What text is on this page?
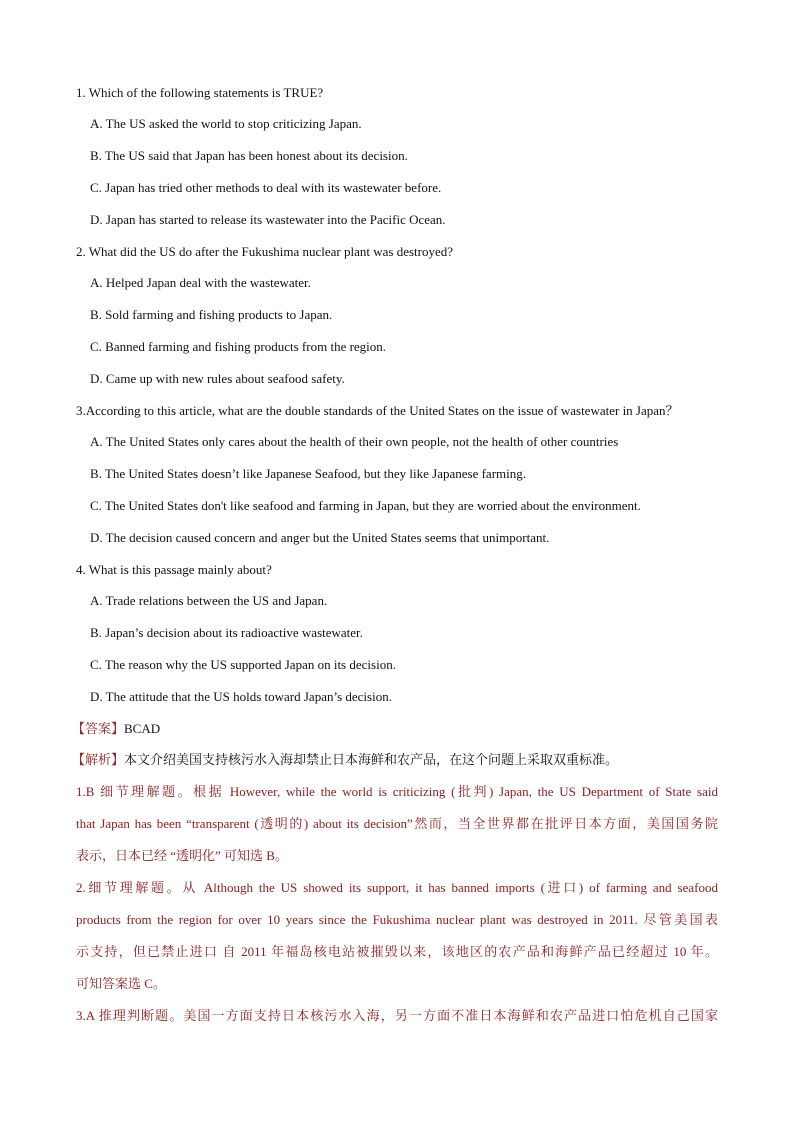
1. Which of the following statements is TRUE?
A. The US asked the world to stop criticizing Japan.
B. The US said that Japan has been honest about its decision.
C. Japan has tried other methods to deal with its wastewater before.
D. Japan has started to release its wastewater into the Pacific Ocean.
2. What did the US do after the Fukushima nuclear plant was destroyed?
A. Helped Japan deal with the wastewater.
B. Sold farming and fishing products to Japan.
C. Banned farming and fishing products from the region.
D. Came up with new rules about seafood safety.
3.According to this article, what are the double standards of the United States on the issue of wastewater in Japan？
A. The United States only cares about the health of their own people, not the health of other countries
B. The United States doesn’t like Japanese Seafood, but they like Japanese farming.
C. The United States don't like seafood and farming in Japan, but they are worried about the environment.
D. The decision caused concern and anger but the United States seems that unimportant.
4. What is this passage mainly about?
A. Trade relations between the US and Japan.
B. Japan’s decision about its radioactive wastewater.
C. The reason why the US supported Japan on its decision.
D. The attitude that the US holds toward Japan’s decision.
【答案】BCAD
【解析】本文介绍美国支持核污水入海却禁止日本海鲜和农产品，在这个问题上采取双重标准。
1.B 细节理解题。根据 However, while the world is criticizing (批判) Japan, the US Department of State said
that Japan has been “transparent (透明的) about its decision”然而，当全世界都在批评日本方面，美国国务院
表示，日本已经 “透明化” 可知选 B。
2.细节理解题。从 Although the US showed its support, it has banned imports (进口) of farming and seafood
products from the region for over 10 years since the Fukushima nuclear plant was destroyed in 2011. 尽管美国表
示支持，但已禁止进口 自 2011 年福岛核电站被摧毁以来，该地区的农产品和海鲜产品已经超过 10 年。
可知答案选 C。
3.A 推理判断题。美国一方面支持日本核污水入海，另一方面不准日本海鲜和农产品进口怕危机自己国家
